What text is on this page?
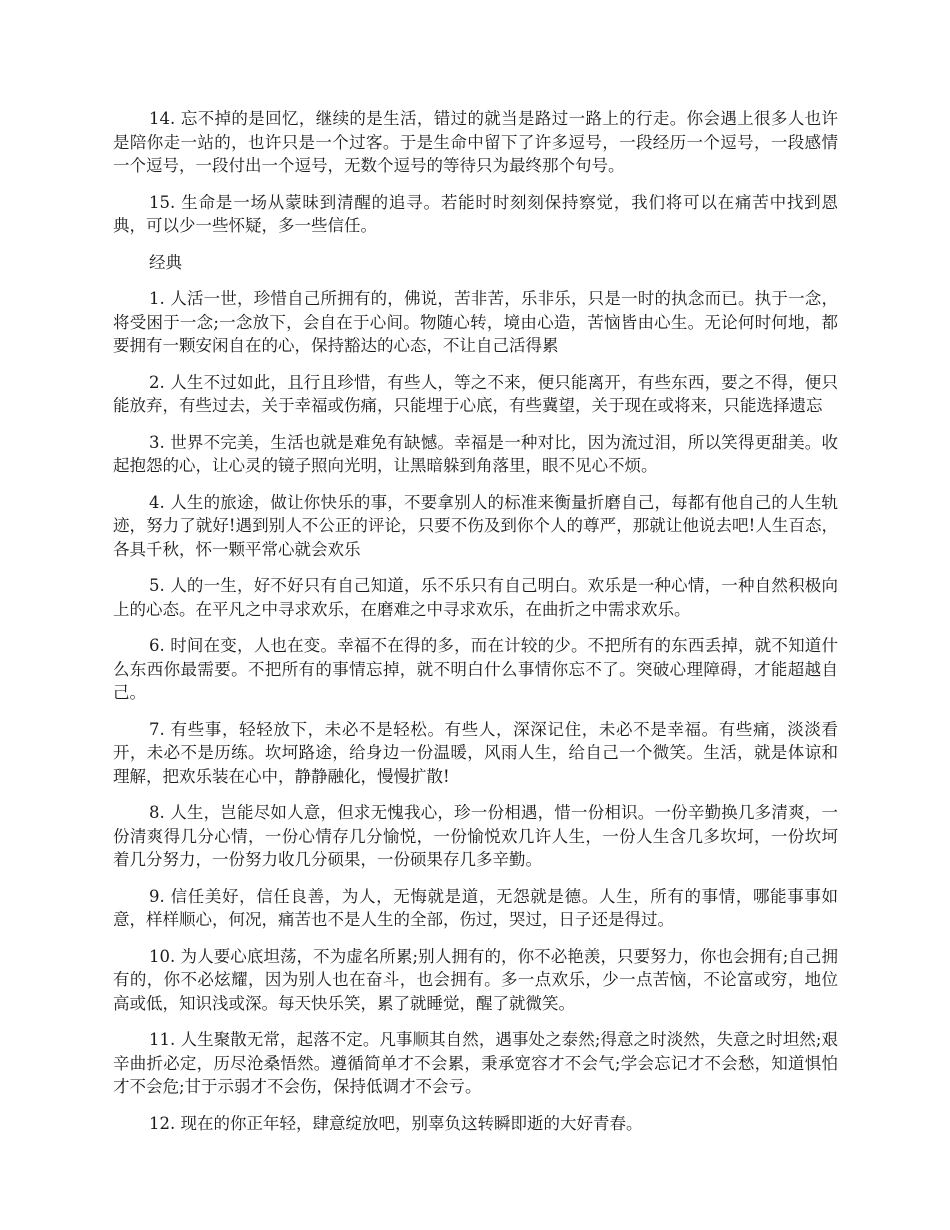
14. 忘不掉的是回忆，继续的是生活，错过的就当是路过一路上的行走。你会遇上很多人也许是陪你走一站的，也许只是一个过客。于是生命中留下了许多逗号，一段经历一个逗号，一段感情一个逗号，一段付出一个逗号，无数个逗号的等待只为最终那个句号。

15. 生命是一场从蒙昧到清醒的追寻。若能时时刻刻保持察觉，我们将可以在痛苦中找到恩典，可以少一些怀疑，多一些信任。

经典

1. 人活一世，珍惜自己所拥有的，佛说，苦非苦，乐非乐，只是一时的执念而已。执于一念，将受困于一念;一念放下，会自在于心间。物随心转，境由心造，苦恼皆由心生。无论何时何地，都要拥有一颗安闲自在的心，保持豁达的心态，不让自己活得累

2. 人生不过如此，且行且珍惜，有些人，等之不来，便只能离开，有些东西，要之不得，便只能放弃，有些过去，关于幸福或伤痛，只能埋于心底，有些冀望，关于现在或将来，只能选择遗忘

3. 世界不完美，生活也就是难免有缺憾。幸福是一种对比，因为流过泪，所以笑得更甜美。收起抱怨的心，让心灵的镜子照向光明，让黑暗躲到角落里，眼不见心不烦。

4. 人生的旅途，做让你快乐的事，不要拿别人的标准来衡量折磨自己，每都有他自己的人生轨迹，努力了就好!遇到别人不公正的评论，只要不伤及到你个人的尊严，那就让他说去吧!人生百态，各具千秋，怀一颗平常心就会欢乐

5. 人的一生，好不好只有自己知道，乐不乐只有自己明白。欢乐是一种心情，一种自然积极向上的心态。在平凡之中寻求欢乐，在磨难之中寻求欢乐，在曲折之中需求欢乐。

6. 时间在变，人也在变。幸福不在得的多，而在计较的少。不把所有的东西丢掉，就不知道什么东西你最需要。不把所有的事情忘掉，就不明白什么事情你忘不了。突破心理障碍，才能超越自己。

7. 有些事，轻轻放下，未必不是轻松。有些人，深深记住，未必不是幸福。有些痛，淡淡看开，未必不是历练。坎坷路途，给身边一份温暖，风雨人生，给自己一个微笑。生活，就是体谅和理解，把欢乐装在心中，静静融化，慢慢扩散!

8. 人生，岂能尽如人意，但求无愧我心，珍一份相遇，惜一份相识。一份辛勤换几多清爽，一份清爽得几分心情，一份心情存几分愉悦，一份愉悦欢几许人生，一份人生含几多坎坷，一份坎坷着几分努力，一份努力收几分硕果，一份硕果存几多辛勤。

9. 信任美好，信任良善，为人，无悔就是道，无怨就是德。人生，所有的事情，哪能事事如意，样样顺心，何况，痛苦也不是人生的全部，伤过，哭过，日子还是得过。

10. 为人要心底坦荡，不为虚名所累;别人拥有的，你不必艳羡，只要努力，你也会拥有;自己拥有的，你不必炫耀，因为别人也在奋斗，也会拥有。多一点欢乐，少一点苦恼，不论富或穷，地位高或低，知识浅或深。每天快乐笑，累了就睡觉，醒了就微笑。

11. 人生聚散无常，起落不定。凡事顺其自然，遇事处之泰然;得意之时淡然，失意之时坦然;艰辛曲折必定，历尽沧桑悟然。遵循简单才不会累，秉承宽容才不会气;学会忘记才不会愁，知道惧怕才不会危;甘于示弱才不会伤，保持低调才不会亏。

12. 现在的你正年轻，肆意绽放吧，别辜负这转瞬即逝的大好青春。
